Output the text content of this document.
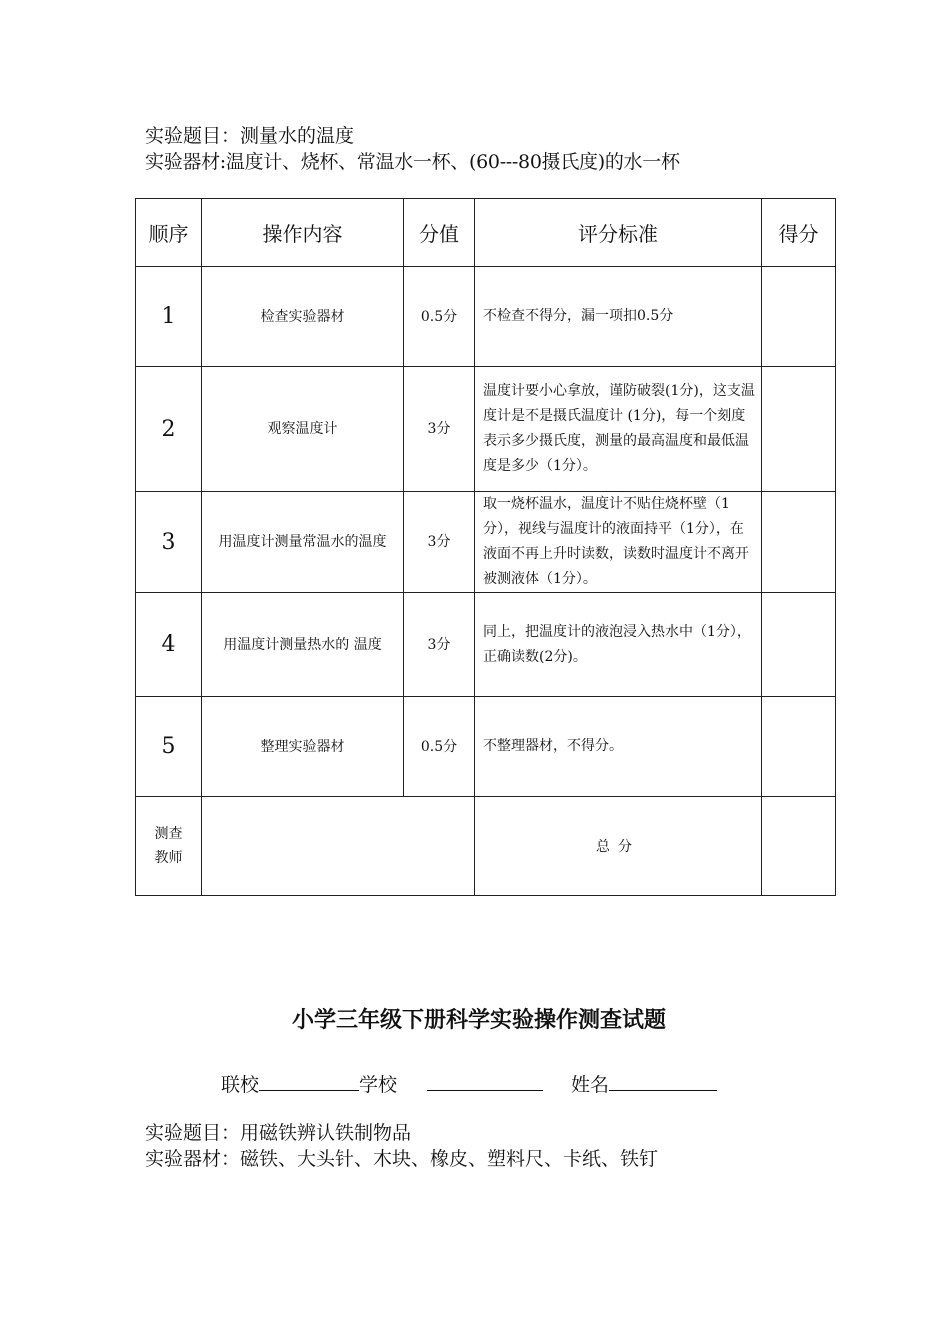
实验题目：测量水的温度
实验器材:温度计、烧杯、常温水一杯、(60---80摄氏度)的水一杯
顺序	操作内容	分值	评分标准	得分
1	检查实验器材	0.5分	不检查不得分，漏一项扣0.5分	
2	观察温度计	3分	温度计要小心拿放，谨防破裂(1分)，这支温度计是不是摄氏温度计 (1分)，每一个刻度表示多少摄氏度，测量的最高温度和最低温度是多少（1分）。	
3	用温度计测量常温水的温度	3分	取一烧杯温水，温度计不贴住烧杯壁（1分），视线与温度计的液面持平（1分），在液面不再上升时读数，读数时温度计不离开被测液体（1分）。	
4	用温度计测量热水的 温度	3分	同上，把温度计的液泡浸入热水中（1分），正确读数(2分)。	
5	整理实验器材	0.5分	不整理器材，不得分。	
测查教师			总分	
小学三年级下册科学实验操作测查试题
联校	学校	姓名
实验题目：用磁铁辨认铁制物品
实验器材：磁铁、大头针、木块、橡皮、塑料尺、卡纸、铁钉
